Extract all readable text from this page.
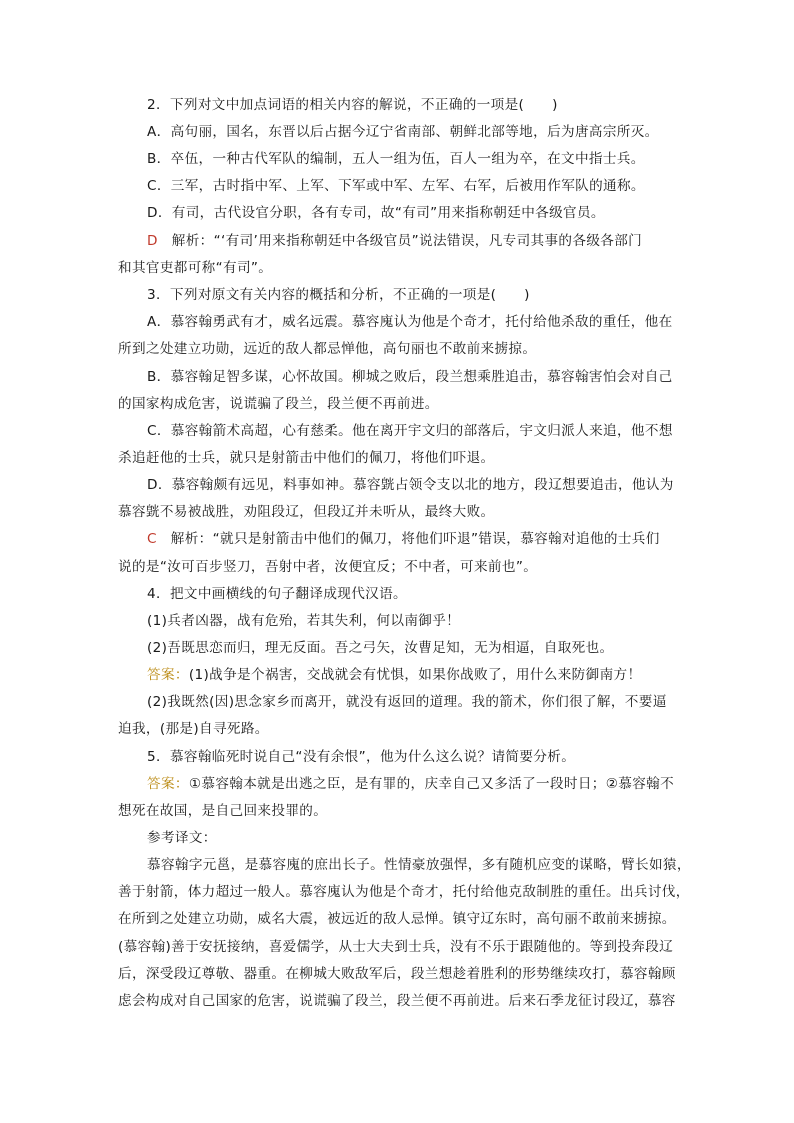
2．下列对文中加点词语的相关内容的解说，不正确的一项是(　　)
A．高句丽，国名，东晋以后占据今辽宁省南部、朝鲜北部等地，后为唐高宗所灭。
B．卒伍，一种古代军队的编制，五人一组为伍，百人一组为卒，在文中指士兵。
C．三军，古时指中军、上军、下军或中军、左军、右军，后被用作军队的通称。
D．有司，古代设官分职，各有专司，故“有司”用来指称朝廷中各级官员。
D　解析：“‘有司’用来指称朝廷中各级官员”说法错误，凡专司其事的各级各部门
和其官吏都可称“有司”。
3．下列对原文有关内容的概括和分析，不正确的一项是(　　)
A．慕容翰勇武有才，威名远震。慕容廆认为他是个奇才，托付给他杀敌的重任，他在
所到之处建立功勋，远近的敌人都忌惮他，高句丽也不敢前来掳掠。
B．慕容翰足智多谋，心怀故国。柳城之败后，段兰想乘胜追击，慕容翰害怕会对自己
的国家构成危害，说谎骗了段兰，段兰便不再前进。
C．慕容翰箭术高超，心有慈柔。他在离开宇文归的部落后，宇文归派人来追，他不想
杀追赶他的士兵，就只是射箭击中他们的佩刀，将他们吓退。
D．慕容翰颇有远见，料事如神。慕容皝占领令支以北的地方，段辽想要追击，他认为
慕容皝不易被战胜，劝阻段辽，但段辽并未听从，最终大败。
C　解析：“就只是射箭击中他们的佩刀，将他们吓退”错误，慕容翰对追他的士兵们
说的是“汝可百步竖刀，吾射中者，汝便宜反；不中者，可来前也”。
4．把文中画横线的句子翻译成现代汉语。
(1)兵者凶器，战有危殆，若其失利，何以南御乎！
(2)吾既思恋而归，理无反面。吾之弓矢，汝曹足知，无为相逼，自取死也。
答案：(1)战争是个祸害，交战就会有忧惧，如果你战败了，用什么来防御南方！
(2)我既然(因)思念家乡而离开，就没有返回的道理。我的箭术，你们很了解，不要逼
迫我，(那是)自寻死路。
5．慕容翰临死时说自己“没有余恨”，他为什么这么说？请简要分析。
答案：①慕容翰本就是出逃之臣，是有罪的，庆幸自己又多活了一段时日；②慕容翰不
想死在故国，是自己回来投罪的。
参考译文：
慕容翰字元邕，是慕容廆的庶出长子。性情豪放强悍，多有随机应变的谋略，臂长如猿，
善于射箭，体力超过一般人。慕容廆认为他是个奇才，托付给他克敌制胜的重任。出兵讨伐，
在所到之处建立功勋，威名大震，被远近的敌人忌惮。镇守辽东时，高句丽不敢前来掳掠。
(慕容翰)善于安抚接纳，喜爱儒学，从士大夫到士兵，没有不乐于跟随他的。等到投奔段辽
后，深受段辽尊敬、器重。在柳城大败敌军后，段兰想趁着胜利的形势继续攻打，慕容翰顾
虑会构成对自己国家的危害，说谎骗了段兰，段兰便不再前进。后来石季龙征讨段辽，慕容
